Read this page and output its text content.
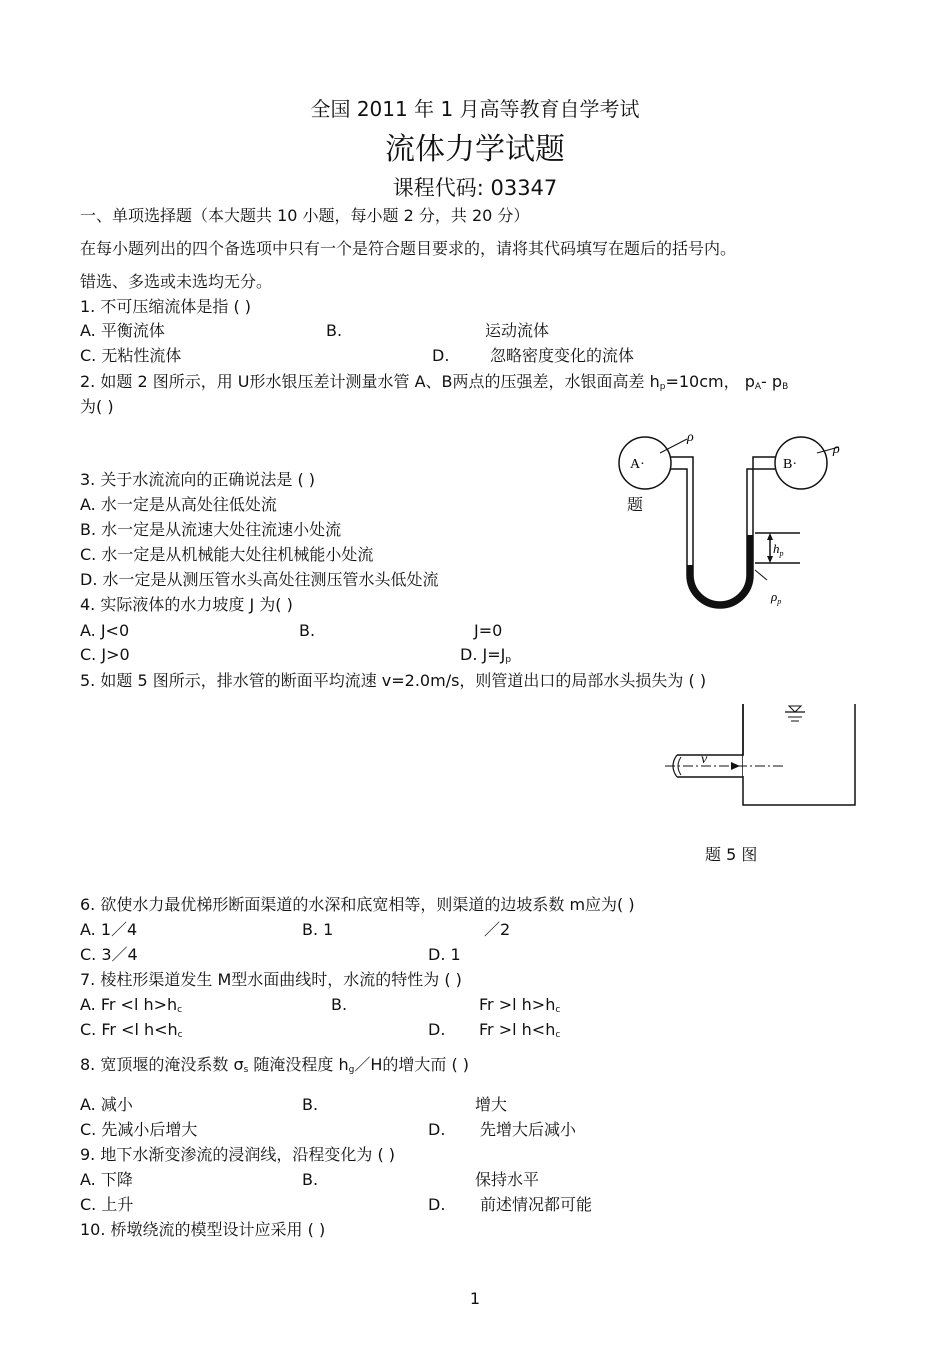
全国 2011 年 1 月高等教育自学考试
流体力学试题
课程代码: 03347
一、单项选择题（本大题共 10 小题，每小题 2 分，共 20 分）
在每小题列出的四个备选项中只有一个是符合题目要求的，请将其代码填写在题后的括号内。
错选、多选或未选均无分。
1. 不可压缩流体是指 ( )
A. 平衡流体	B.	运动流体
C. 无粘性流体	D.	忽略密度变化的流体
2. 如题 2 图所示，用 U形水银压差计测量水管 A、B两点的压强差，水银面高差 $h_p=10cm$， $p_A-$ $p_B$
为( )
题
A·	B·
ρ
ρ
$h_p$
$\rho_p$
3. 关于水流流向的正确说法是 ( )
A. 水一定是从高处往低处流
B. 水一定是从流速大处往流速小处流
C. 水一定是从机械能大处往机械能小处流
D. 水一定是从测压管水头高处往测压管水头低处流
4. 实际液体的水力坡度 J 为( )
A. J<0	B.	J=0
C. J>0	D. $J=J_p$
5. 如题 5 图所示，排水管的断面平均流速 v=2.0m/s，则管道出口的局部水头损失为 ( )
v
题 5 图
6. 欲使水力最优梯形断面渠道的水深和底宽相等，则渠道的边坡系数 m应为( )
A. 1／4	B. 1	／2
C. 3／4	D. 1
7. 棱柱形渠道发生 M型水面曲线时，水流的特性为 ( )
A. Fr <l $h>h_c$	B.	Fr >l $h>h_c$
C. Fr <l $h<h_c$	D. Fr >l $h<h_c$
8. 宽顶堰的淹没系数 $\sigma_s$ 随淹没程度 $h_g/H$的增大而 ( )
A. 减小	B.	增大
C. 先减小后增大	D. 先增大后减小
9. 地下水渐变渗流的浸润线，沿程变化为 ( )
A. 下降	B.	保持水平
C. 上升	D. 前述情况都可能
10. 桥墩绕流的模型设计应采用 ( )
1
